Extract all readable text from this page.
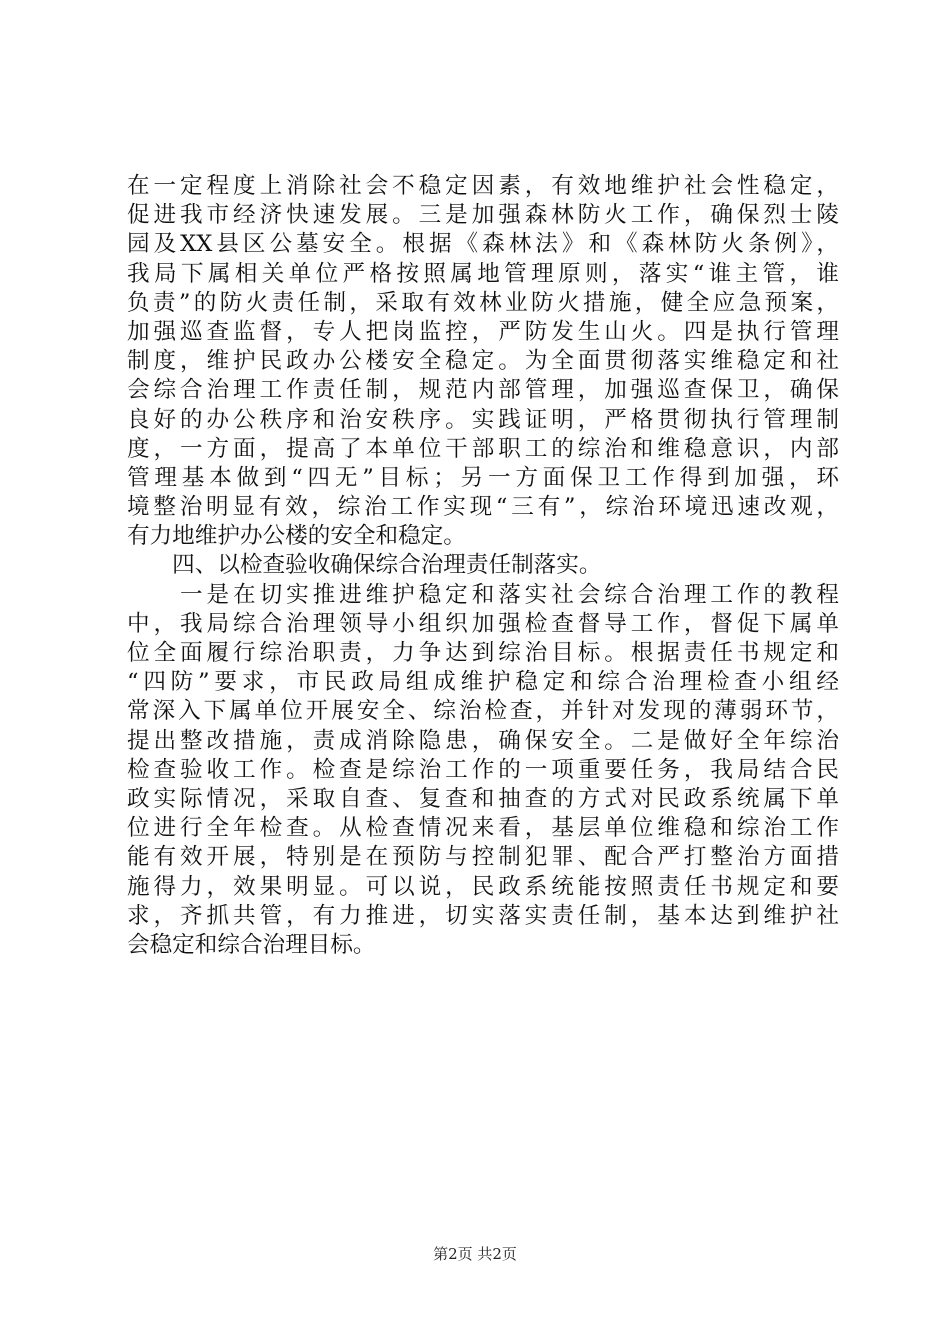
在一定程度上消除社会不稳定因素，有效地维护社会性稳定，
促进我市经济快速发展。三是加强森林防火工作，确保烈士陵
园及XX县区公墓安全。根据《森林法》和《森林防火条例》，
我局下属相关单位严格按照属地管理原则，落实“谁主管，谁
负责”的防火责任制，采取有效林业防火措施，健全应急预案，
加强巡查监督，专人把岗监控，严防发生山火。四是执行管理
制度，维护民政办公楼安全稳定。为全面贯彻落实维稳定和社
会综合治理工作责任制，规范内部管理，加强巡查保卫，确保
良好的办公秩序和治安秩序。实践证明，严格贯彻执行管理制
度，一方面，提高了本单位干部职工的综治和维稳意识，内部
管理基本做到“四无”目标；另一方面保卫工作得到加强，环
境整治明显有效，综治工作实现“三有”，综治环境迅速改观，
有力地维护办公楼的安全和稳定。
　　四、以检查验收确保综合治理责任制落实。
　　一是在切实推进维护稳定和落实社会综合治理工作的教程
中，我局综合治理领导小组织加强检查督导工作，督促下属单
位全面履行综治职责，力争达到综治目标。根据责任书规定和
“四防”要求，市民政局组成维护稳定和综合治理检查小组经
常深入下属单位开展安全、综治检查，并针对发现的薄弱环节，
提出整改措施，责成消除隐患，确保安全。二是做好全年综治
检查验收工作。检查是综治工作的一项重要任务，我局结合民
政实际情况，采取自查、复查和抽查的方式对民政系统属下单
位进行全年检查。从检查情况来看，基层单位维稳和综治工作
能有效开展，特别是在预防与控制犯罪、配合严打整治方面措
施得力，效果明显。可以说，民政系统能按照责任书规定和要
求，齐抓共管，有力推进，切实落实责任制，基本达到维护社
会稳定和综合治理目标。
第2页 共2页
